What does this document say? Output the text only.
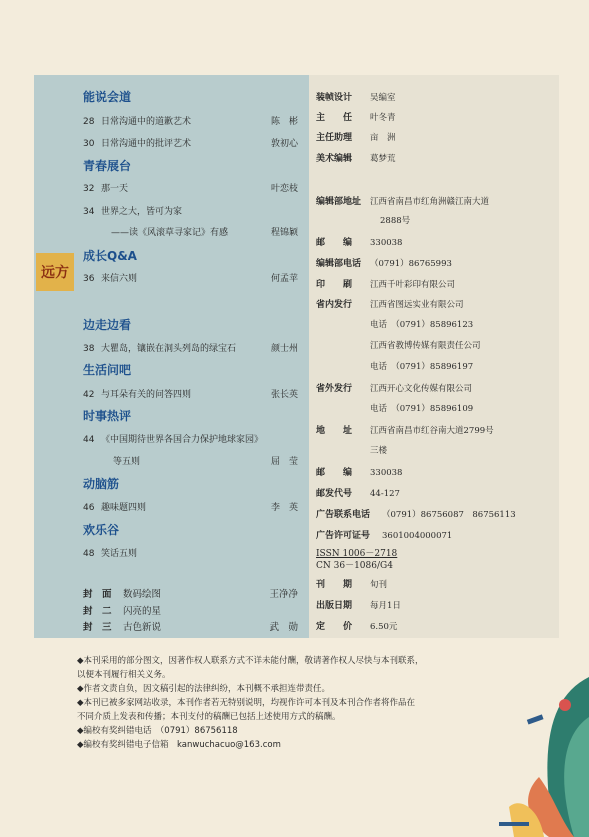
远方
能说会道
28 日常沟通中的道歉艺术	陈　彬
30 日常沟通中的批评艺术	敦初心
青春展台
32 那一天	叶恋枝
34 世界之大，皆可为家
——读《风滚草寻家记》有感	程锦颖
成长Q&A
36 来信六则	何孟苹
边走边看
38 大瞿岛，镶嵌在洞头列岛的绿宝石	颜士州
生活问吧
42 与耳朵有关的问答四则	张长英
时事热评
44 《中国期待世界各国合力保护地球家园》
等五则	屈　莹
动脑筋
46 趣味题四则	李　英
欢乐谷
48 笑话五则
封　面 数码绘图	王净净
封　二 闪亮的星
封　三 古色新说	武　勋
装帧设计 吴编室
主　　任 叶冬青
主任助理 亩　洲
美术编辑 葛梦荒
编辑部地址 江西省南昌市红角洲赣江南大道
2888号
邮　　编 330038
编辑部电话 （0791）86765993
印　　刷 江西千叶彩印有限公司
省内发行 江西省图远实业有限公司
电话　（0791）85896123
江西省教博传媒有限责任公司
电话　（0791）85896197
省外发行 江西开心文化传媒有限公司
电话　（0791）85896109
地　　址 江西省南昌市红谷南大道2799号
三楼
邮　　编 330038
邮发代号 44-127
广告联系电话 （0791）86756087　86756113
广告许可证号 3601004000071
ISSN 1006－2718
CN 36－1086/G4
刊　　期 旬刊
出版日期 每月1日
定　　价 6.50元
◆本刊采用的部分图文，因著作权人联系方式不详未能付酬，敬请著作权人尽快与本刊联系，
以便本刊履行相关义务。
◆作者文责自负，因文稿引起的法律纠纷，本刊概不承担连带责任。
◆本刊已被多家网站收录，本刊作者若无特别说明，均视作许可本刊及本刊合作者将作品在
不同介质上发表和传播；本刊支付的稿酬已包括上述使用方式的稿酬。
◆编校有奖纠错电话　（0791）86756118
◆编校有奖纠错电子信箱　kanwuchacuo@163.com
